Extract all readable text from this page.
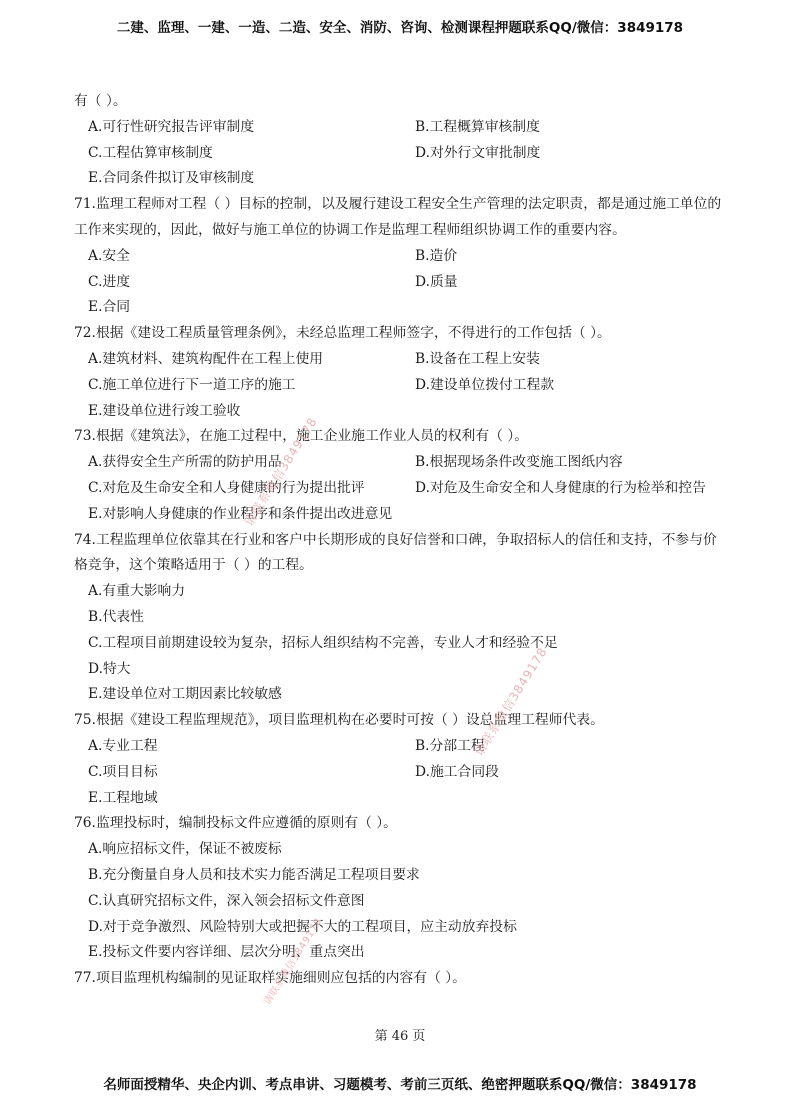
二建、监理、一建、一造、二造、安全、消防、咨询、检测课程押题联系QQ/微信：3849178
有（ ）。
A.可行性研究报告评审制度	B.工程概算审核制度
C.工程估算审核制度	D.对外行文审批制度
E.合同条件拟订及审核制度
71.监理工程师对工程（ ）目标的控制，以及履行建设工程安全生产管理的法定职责，都是通过施工单位的
工作来实现的，因此，做好与施工单位的协调工作是监理工程师组织协调工作的重要内容。
A.安全	B.造价
C.进度	D.质量
E.合同
72.根据《建设工程质量管理条例》，未经总监理工程师签字，不得进行的工作包括（ ）。
A.建筑材料、建筑构配件在工程上使用	B.设备在工程上安装
C.施工单位进行下一道工序的施工	D.建设单位拨付工程款
E.建设单位进行竣工验收
73.根据《建筑法》，在施工过程中，施工企业施工作业人员的权利有（ ）。
A.获得安全生产所需的防护用品	B.根据现场条件改变施工图纸内容
C.对危及生命安全和人身健康的行为提出批评	D.对危及生命安全和人身健康的行为检举和控告
E.对影响人身健康的作业程序和条件提出改进意见
74.工程监理单位依靠其在行业和客户中长期形成的良好信誉和口碑，争取招标人的信任和支持，不参与价
格竞争，这个策略适用于（ ）的工程。
A.有重大影响力
B.代表性
C.工程项目前期建设较为复杂，招标人组织结构不完善，专业人才和经验不足
D.特大
E.建设单位对工期因素比较敏感
75.根据《建设工程监理规范》，项目监理机构在必要时可按（ ）设总监理工程师代表。
A.专业工程	B.分部工程
C.项目目标	D.施工合同段
E.工程地域
76.监理投标时，编制投标文件应遵循的原则有（ ）。
A.响应招标文件，保证不被废标
B.充分衡量自身人员和技术实力能否满足工程项目要求
C.认真研究招标文件，深入领会招标文件意图
D.对于竞争激烈、风险特别大或把握不大的工程项目，应主动放弃投标
E.投标文件要内容详细、层次分明、重点突出
77.项目监理机构编制的见证取样实施细则应包括的内容有（ ）。
请联系微信3849178
请联系微信3849178
请联系微信3849178
第 46 页
名师面授精华、央企内训、考点串讲、习题模考、考前三页纸、绝密押题联系QQ/微信：3849178
